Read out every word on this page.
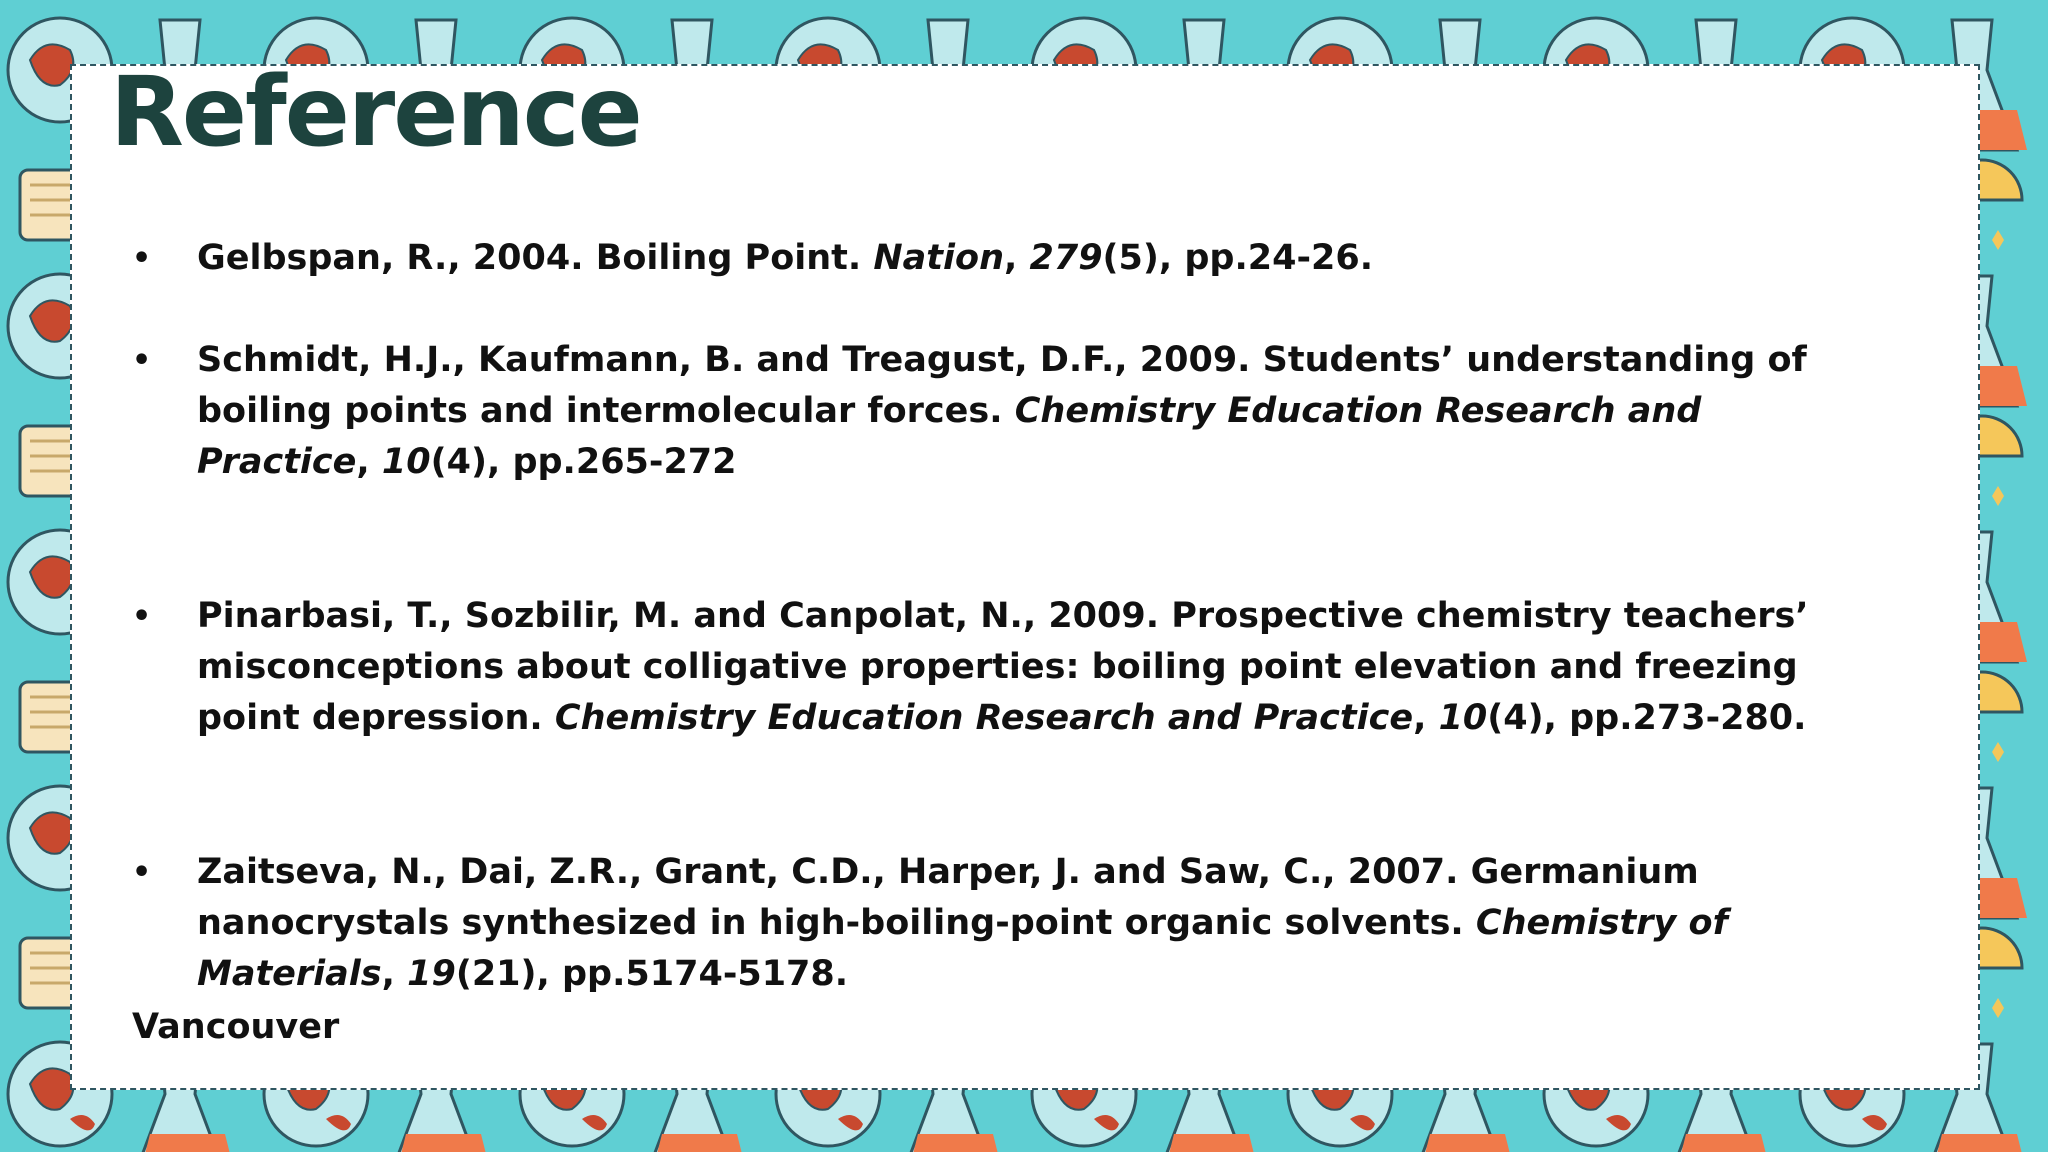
Reference
• Gelbspan, R., 2004. Boiling Point. Nation, 279(5), pp.24-26.
• Schmidt, H.J., Kaufmann, B. and Treagust, D.F., 2009. Students’ understanding of boiling points and intermolecular forces. Chemistry Education Research and Practice, 10(4), pp.265-272
• Pinarbasi, T., Sozbilir, M. and Canpolat, N., 2009. Prospective chemistry teachers’ misconceptions about colligative properties: boiling point elevation and freezing point depression. Chemistry Education Research and Practice, 10(4), pp.273-280.
• Zaitseva, N., Dai, Z.R., Grant, C.D., Harper, J. and Saw, C., 2007. Germanium nanocrystals synthesized in high-boiling-point organic solvents. Chemistry of Materials, 19(21), pp.5174-5178.
Vancouver
